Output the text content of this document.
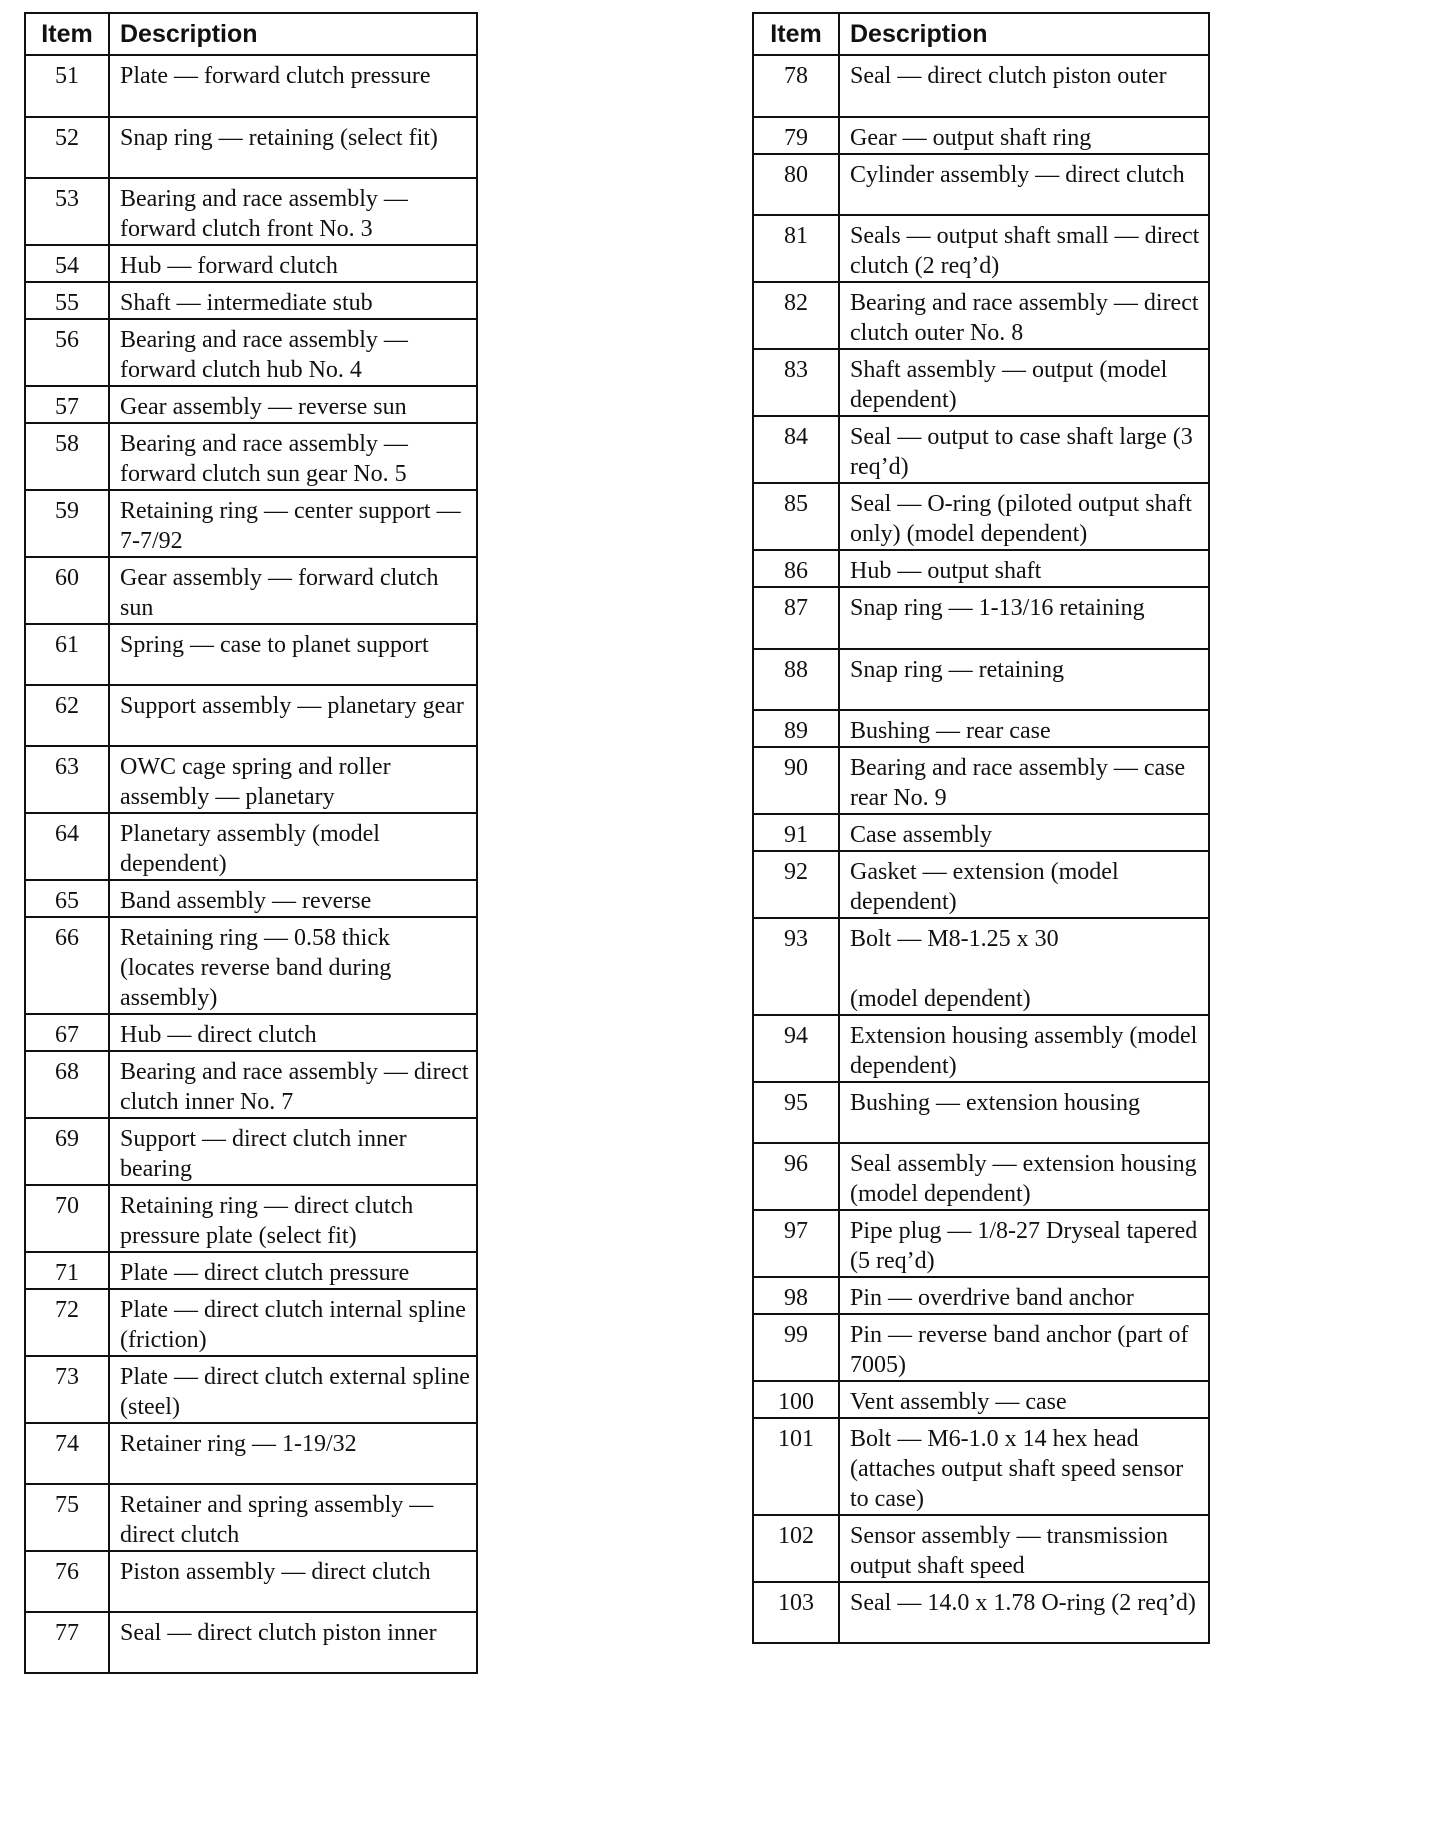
Item	Description
51	Plate — forward clutch pressure
52	Snap ring — retaining (select fit)
53	Bearing and race assembly — forward clutch front No. 3
54	Hub — forward clutch
55	Shaft — intermediate stub
56	Bearing and race assembly — forward clutch hub No. 4
57	Gear assembly — reverse sun
58	Bearing and race assembly — forward clutch sun gear No. 5
59	Retaining ring — center support — 7-7/92
60	Gear assembly — forward clutch sun
61	Spring — case to planet support
62	Support assembly — planetary gear
63	OWC cage spring and roller assembly — planetary
64	Planetary assembly (model dependent)
65	Band assembly — reverse
66	Retaining ring — 0.58 thick (locates reverse band during assembly)
67	Hub — direct clutch
68	Bearing and race assembly — direct clutch inner No. 7
69	Support — direct clutch inner bearing
70	Retaining ring — direct clutch pressure plate (select fit)
71	Plate — direct clutch pressure
72	Plate — direct clutch internal spline (friction)
73	Plate — direct clutch external spline (steel)
74	Retainer ring — 1-19/32
75	Retainer and spring assembly — direct clutch
76	Piston assembly — direct clutch
77	Seal — direct clutch piston inner
Item	Description
78	Seal — direct clutch piston outer
79	Gear — output shaft ring
80	Cylinder assembly — direct clutch
81	Seals — output shaft small — direct clutch (2 req’d)
82	Bearing and race assembly — direct clutch outer No. 8
83	Shaft assembly — output (model dependent)
84	Seal — output to case shaft large (3 req’d)
85	Seal — O-ring (piloted output shaft only) (model dependent)
86	Hub — output shaft
87	Snap ring — 1-13/16 retaining
88	Snap ring — retaining
89	Bushing — rear case
90	Bearing and race assembly — case rear No. 9
91	Case assembly
92	Gasket — extension (model dependent)
93	Bolt — M8-1.25 x 30

(model dependent)
94	Extension housing assembly (model dependent)
95	Bushing — extension housing
96	Seal assembly — extension housing (model dependent)
97	Pipe plug — 1/8-27 Dryseal tapered (5 req’d)
98	Pin — overdrive band anchor
99	Pin — reverse band anchor (part of 7005)
100	Vent assembly — case
101	Bolt — M6-1.0 x 14 hex head (attaches output shaft speed sensor to case)
102	Sensor assembly — transmission output shaft speed
103	Seal — 14.0 x 1.78 O-ring (2 req’d)
